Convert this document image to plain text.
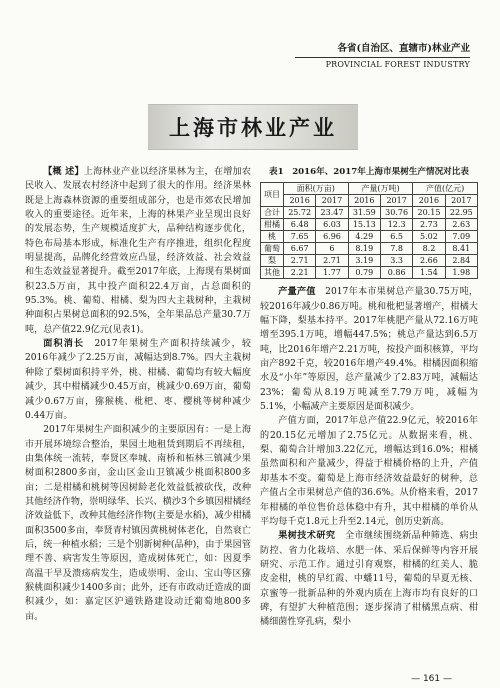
各省(自治区、直辖市)林业产业
PROVINCIAL FOREST INDUSTRY
上海市林业产业

【概 述】上海林业产业以经济果林为主，在增加农民收入、发展农村经济中起到了很大的作用。经济果林既是上海森林资源的重要组成部分，也是市郊农民增加收入的重要途径。近年来，上海的林果产业呈现出良好的发展态势，生产规模适度扩大，品种结构逐步优化，特色布局基本形成，标准化生产有序推进，组织化程度明显提高，品牌化经营效应凸显，经济效益、社会效益和生态效益显著提升。截至2017年底，上海现有果树面积23.5万亩，其中投产面积22.4万亩，占总面积的95.3%。桃、葡萄、柑橘、梨为四大主栽树种，主栽树种面积占果树总面积的92.5%，全年果品总产量30.7万吨，总产值22.9亿元(见表1)。

面积消长　 2017年果树生产面积持续减少，较2016年减少了2.25万亩，减幅达到8.7%。四大主栽树种除了梨树面积持平外，桃、柑橘、葡萄均有较大幅度减少，其中柑橘减少0.45万亩，桃减少0.69万亩，葡萄减少0.67万亩，猕猴桃、枇杷、枣、樱桃等树种减少0.44万亩。

2017年果树生产面积减少的主要原因有：一是上海市开展环境综合整治，果园土地租赁到期后不再续租，由集体统一流转，奉贤区奉城、南桥和柘林三镇减少果树面积2800多亩，金山区金山卫镇减少桃面积800多亩；二是柑橘和桃树等因树龄老化效益低被砍伐，改种其他经济作物，崇明绿华、长兴、横沙3个乡镇因柑橘经济效益低下，改种其他经济作物(主要是水稻)，减少柑橘面积3500多亩，奉贤青村镇因黄桃树体老化，自然衰亡后，统一种植水稻；三是个别新树种(品种)，由于果园管理不善、病害发生等原因，造成树体死亡，如：因夏季高温干旱及溃疡病发生，造成崇明、金山、宝山等区猕猴桃面积减少1400多亩；此外，还有市政动迁造成的面积减少，如：嘉定区沪通铁路建设动迁葡萄地800多亩。

表1　2016年、2017年上海市果树生产情况对比表
项目	面积(万亩)		产量(万吨)		产值(亿元)	
	2016	2017	2016	2017	2016	2017
合计	25.72	23.47	31.59	30.76	20.15	22.95
柑橘	6.48	6.03	15.13	12.3	2.73	2.63
桃	7.65	6.96	4.29	6.5	5.02	7.09
葡萄	6.67	6	8.19	7.8	8.2	8.41
梨	2.71	2.71	3.19	3.3	2.66	2.84
其他	2.21	1.77	0.79	0.86	1.54	1.98

产量产值　 2017年本市果树总产量30.75万吨，较2016年减少0.86万吨。桃和枇杷显著增产，柑橘大幅下降，梨基本持平。2017年桃肥产量从72.16万吨增至395.1万吨，增幅447.5%；桃总产量达到6.5万吨，比2016年增产2.21万吨，按投产面积核算，平均亩产892千克，较2016年增产49.4%。柑橘因面积缩水及“小年”等原因，总产量减少了2.83万吨，减幅达23%；葡萄从8.19万吨减至7.79万吨，减幅为5.1%，小幅减产主要原因是面积减少。

产值方面，2017年总产值22.9亿元，较2016年的20.15亿元增加了2.75亿元。从数据来看，桃、梨、葡萄合计增加3.22亿元，增幅达到16.0%；柑橘虽然面积和产量减少，得益于柑橘价格的上升，产值却基本不变。葡萄是上海市经济效益最好的树种，总产值占全市果树总产值的36.6%。从价格来看，2017年柑橘的单位售价总体稳中有升，其中柑橘的单价从平均每千克1.8元上升至2.14元，创历史新高。

果树技术研究　 全市继续围绕新品种筛选、病虫防控、省力化栽培、水肥一体、采后保鲜等内容开展研究、示范工作。通过引育观察，柑橘的红美人、脆皮金柑，桃的早红霞、中蟠11号，葡萄的早夏无核、京蜜等一批新品种的外观内质在上海市均有良好的口碑，有望扩大种植范围；逐步探清了柑橘黑点病、柑橘细菌性穿孔病，梨小

— 161 —
